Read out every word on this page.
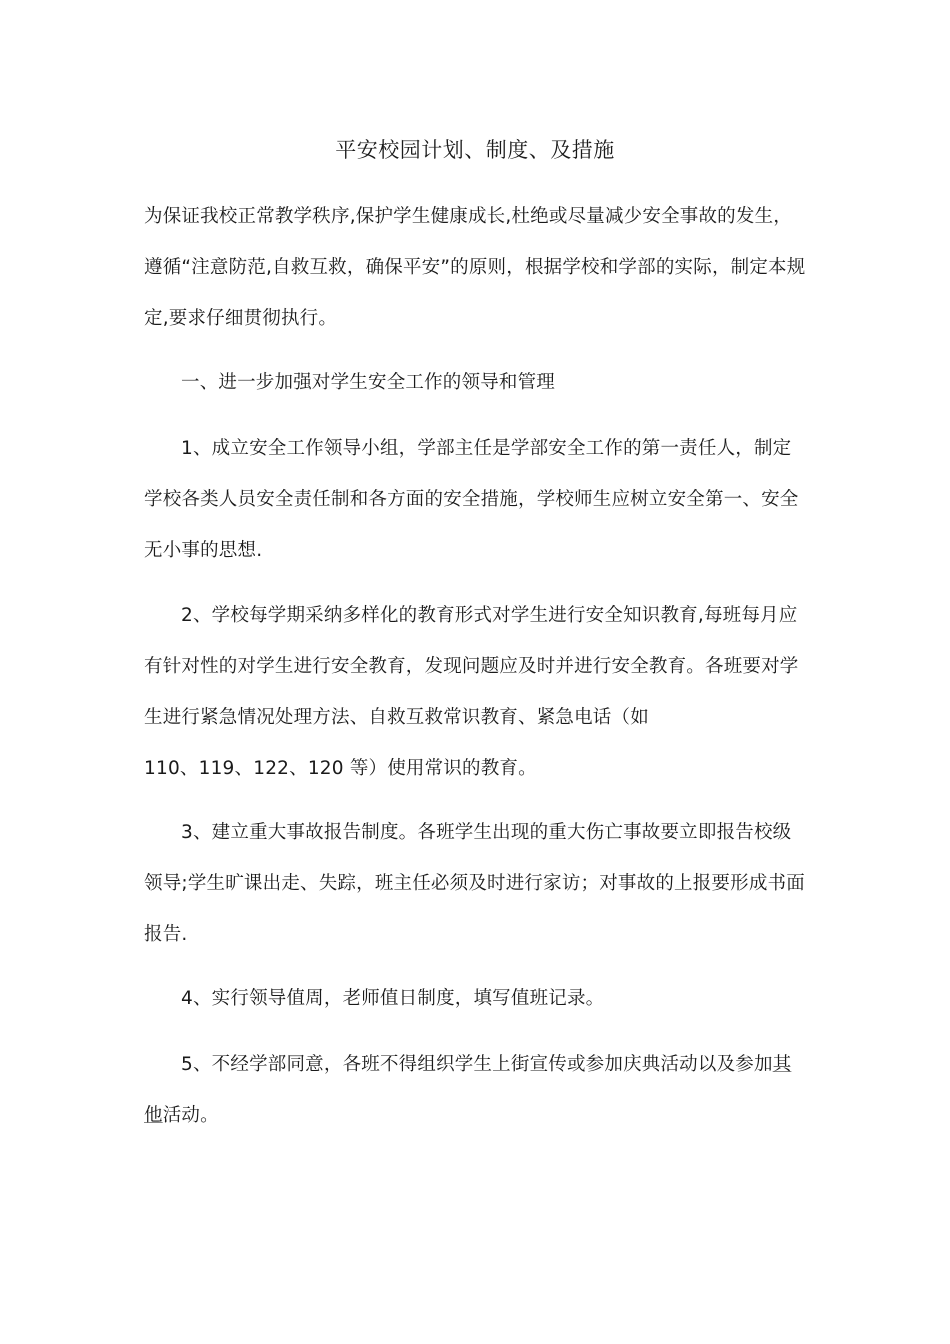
平安校园计划、制度、及措施

为保证我校正常教学秩序,保护学生健康成长,杜绝或尽量减少安全事故的发生，遵循“注意防范,自救互救，确保平安”的原则，根据学校和学部的实际，制定本规定,要求仔细贯彻执行。

一、进一步加强对学生安全工作的领导和管理

1、成立安全工作领导小组，学部主任是学部安全工作的第一责任人，制定学校各类人员安全责任制和各方面的安全措施，学校师生应树立安全第一、安全无小事的思想.

2、学校每学期采纳多样化的教育形式对学生进行安全知识教育,每班每月应有针对性的对学生进行安全教育，发现问题应及时并进行安全教育。各班要对学生进行紧急情况处理方法、自救互救常识教育、紧急电话（如
110、119、122、120 等）使用常识的教育。

3、建立重大事故报告制度。各班学生出现的重大伤亡事故要立即报告校级领导;学生旷课出走、失踪，班主任必须及时进行家访；对事故的上报要形成书面报告.

4、实行领导值周，老师值日制度，填写值班记录。

5、不经学部同意，各班不得组织学生上街宣传或参加庆典活动以及参加其他活动。
